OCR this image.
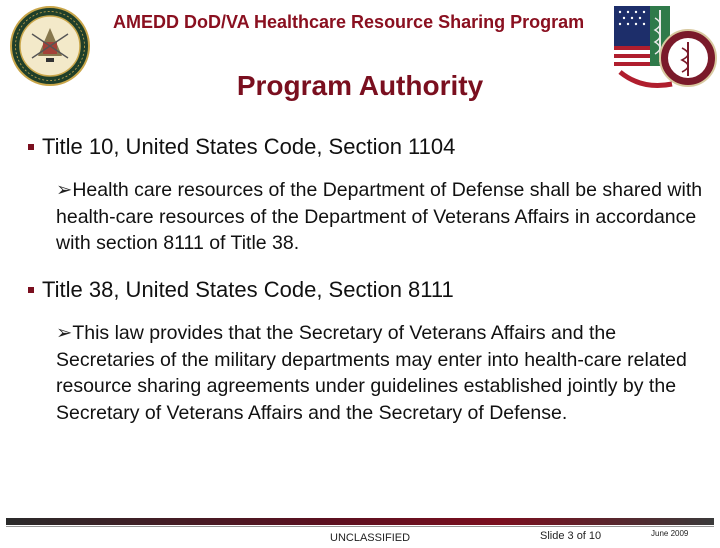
AMEDD DoD/VA Healthcare Resource Sharing Program
Program Authority
Title 10, United States Code, Section 1104
➢Health care resources of the Department of Defense shall be shared with health-care resources of the Department of Veterans Affairs in accordance with section 8111 of Title 38.
Title 38, United States Code, Section 8111
➢This law provides that the Secretary of Veterans Affairs and the Secretaries of the military departments may enter into health-care related resource sharing agreements under guidelines established jointly by the Secretary of Veterans Affairs and the Secretary of Defense.
UNCLASSIFIED	Slide 3 of 10	June 2009
